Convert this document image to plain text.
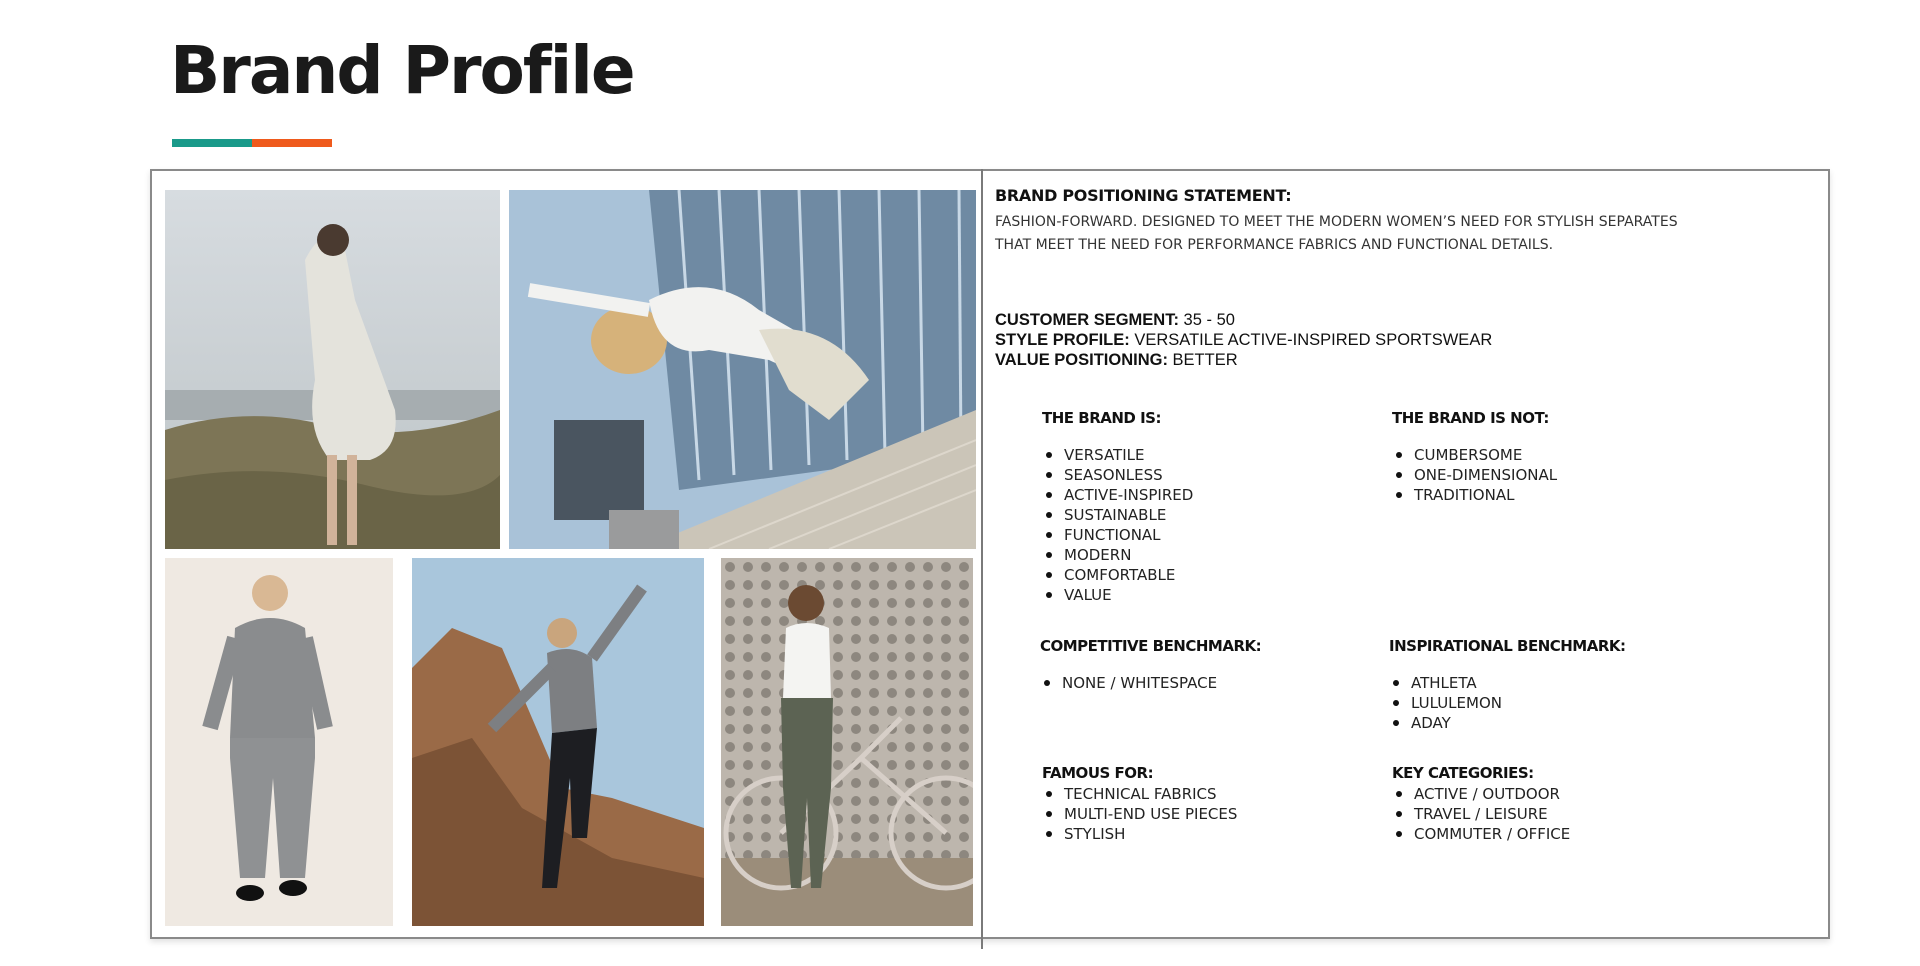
Brand Profile
BRAND POSITIONING STATEMENT:
FASHION-FORWARD. DESIGNED TO MEET THE MODERN WOMEN’S NEED FOR STYLISH SEPARATES
THAT MEET THE NEED FOR PERFORMANCE FABRICS AND FUNCTIONAL DETAILS.
CUSTOMER SEGMENT: 35 - 50
STYLE PROFILE: VERSATILE ACTIVE-INSPIRED SPORTSWEAR
VALUE POSITIONING: BETTER
THE BRAND IS:
VERSATILE
SEASONLESS
ACTIVE-INSPIRED
SUSTAINABLE
FUNCTIONAL
MODERN
COMFORTABLE
VALUE
THE BRAND IS NOT:
CUMBERSOME
ONE-DIMENSIONAL
TRADITIONAL
COMPETITIVE BENCHMARK:
NONE / WHITESPACE
INSPIRATIONAL BENCHMARK:
ATHLETA
LULULEMON
ADAY
FAMOUS FOR:
TECHNICAL FABRICS
MULTI-END USE PIECES
STYLISH
KEY CATEGORIES:
ACTIVE / OUTDOOR
TRAVEL / LEISURE
COMMUTER / OFFICE
